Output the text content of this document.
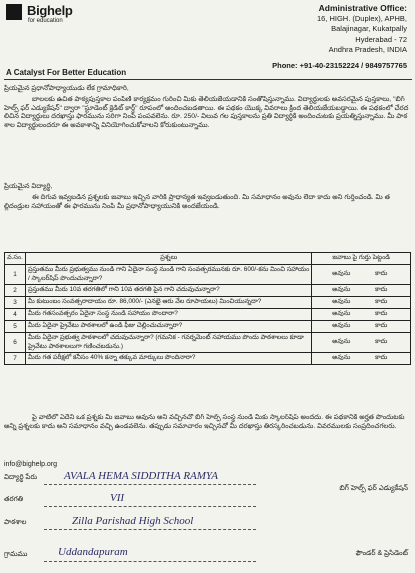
Bighelp
for education
A Catalyst For Better Education
Administrative Office:
16, HIGH. (Duplex), APHB,
Balajinagar, Kukatpally
Hyderabad - 72
Andhra Pradesh, INDIA
Phone: +91-40-23152224 / 9849757765
ప్రియమైన ప్రధానోపాధ్యాయుడు లేక గ్రామాధికారి,
బాలలకు ఉచిత పాఠ్యపుస్తకాల పంపిణీ కార్యక్రమం గురించి మీకు తెలియజేయడానికి సంతోషిస్తున్నాము. విద్యార్థులకు అవసరమైన పుస్తకాలు, "బిగ్ హెల్ప్ ఫర్ ఎడ్యుకేషన్" ద్వారా "స్టూడెంట్ క్రెడిట్ కార్డ్" రూపంలో అందించబడతాయి. ఈ పథకం యొక్క వివరాలు క్రింద తెలియజేయబడ్డాయి. ఈ పథకంలో చేరదలిచిన విద్యార్థులు దరఖాస్తు ఫారమును సరిగా నింపి పంపవలెను. రూ. 250/- విలువ గల పుస్తకాలను ప్రతి విద్యార్థికి అందించుటకు ప్రయత్నిస్తున్నాము. మీ పాఠశాల విద్యార్థులందరూ ఈ అవకాశాన్ని వినియోగించుకోవాలని కోరుకుంటున్నాము.
ప్రియమైన విద్యార్థి,
ఈ దిగువ ఇవ్వబడిన ప్రశ్నలకు జవాబు ఇచ్చిన వారికి ప్రాధాన్యత ఇవ్వబడుతుంది. మీ సమాధానం అవును లేదా కాదు అని గుర్తించండి. మీ తల్లిదండ్రుల సహాయంతో ఈ ఫారమును నింపి మీ ప్రధానోపాధ్యాయునికి అందజేయండి.
వ.సం.	ప్రశ్నలు	జవాబు పై గుర్తు పెట్టండి
1	ప్రస్తుతము మీరు ప్రభుత్వము నుండి గాని ఏదైనా సంస్థ నుండి గాని సంవత్సరమునకు రూ. 600/-కను మించి సహాయం / స్కాలర్‌షిప్ పొందుచున్నారా?	అవును కాదు
2	ప్రస్తుతము మీరు 10వ తరగతిలో గాని 10వ తరగతి పైన గాని చదువుచున్నారా?	అవును కాదు
3	మీ కుటుంబం సంవత్సరాదాయం రూ. 86,000/- (ఎనభై ఆరు వేల రూపాయలు) మించియున్నదా?	అవును కాదు
4	మీరు గతసంవత్సరం ఏదైనా సంస్థ నుండి సహాయం పొందారా?	అవును కాదు
5	మీరు ఏదైనా ప్రైవేటు పాఠశాలలో ఉండి ఫీజు చెల్లించుచున్నారా?	అవును కాదు
6	మీరు ఏదైనా ప్రభుత్వ పాఠశాలలో చదువుచున్నారా? (గమనిక - గవర్నమెంట్ సహాయము పొందు పాఠశాలలు కూడా ప్రైవేటు పాఠశాలలుగా గణించబడును.)	అవును కాదు
7	మీరు గత పరీక్షలో కనీసం 40% కన్నా తక్కువ మార్కులు పొందినారా?	అవును కాదు
పై వాటిలో ఏదేని ఒక ప్రశ్నకు మీ జవాబు అవును అని వచ్చినచో బిగ్ హెల్ప్ సంస్థ నుండి మీకు స్కాలర్‌షిప్ అందదు. ఈ పథకానికి అర్హత పొందుటకు అన్ని ప్రశ్నలకు కాదు అని సమాధానం వచ్చి ఉండవలెను. తప్పుడు సమాచారం ఇచ్చినచో మీ దరఖాస్తు తిరస్కరించబడును. వివరములకు సంప్రదించగలరు.
info@bighelp.org
విద్యార్థి పేరు AVALA HEMA SIDDITHA RAMYA
బిగ్ హెల్ప్ ఫర్ ఎడ్యుకేషన్
తరగతి	VII
పాఠశాల	Zilla Parishad High School
గ్రామము	Uddandapuram	ఫౌండర్ & ప్రెసిడెంట్
